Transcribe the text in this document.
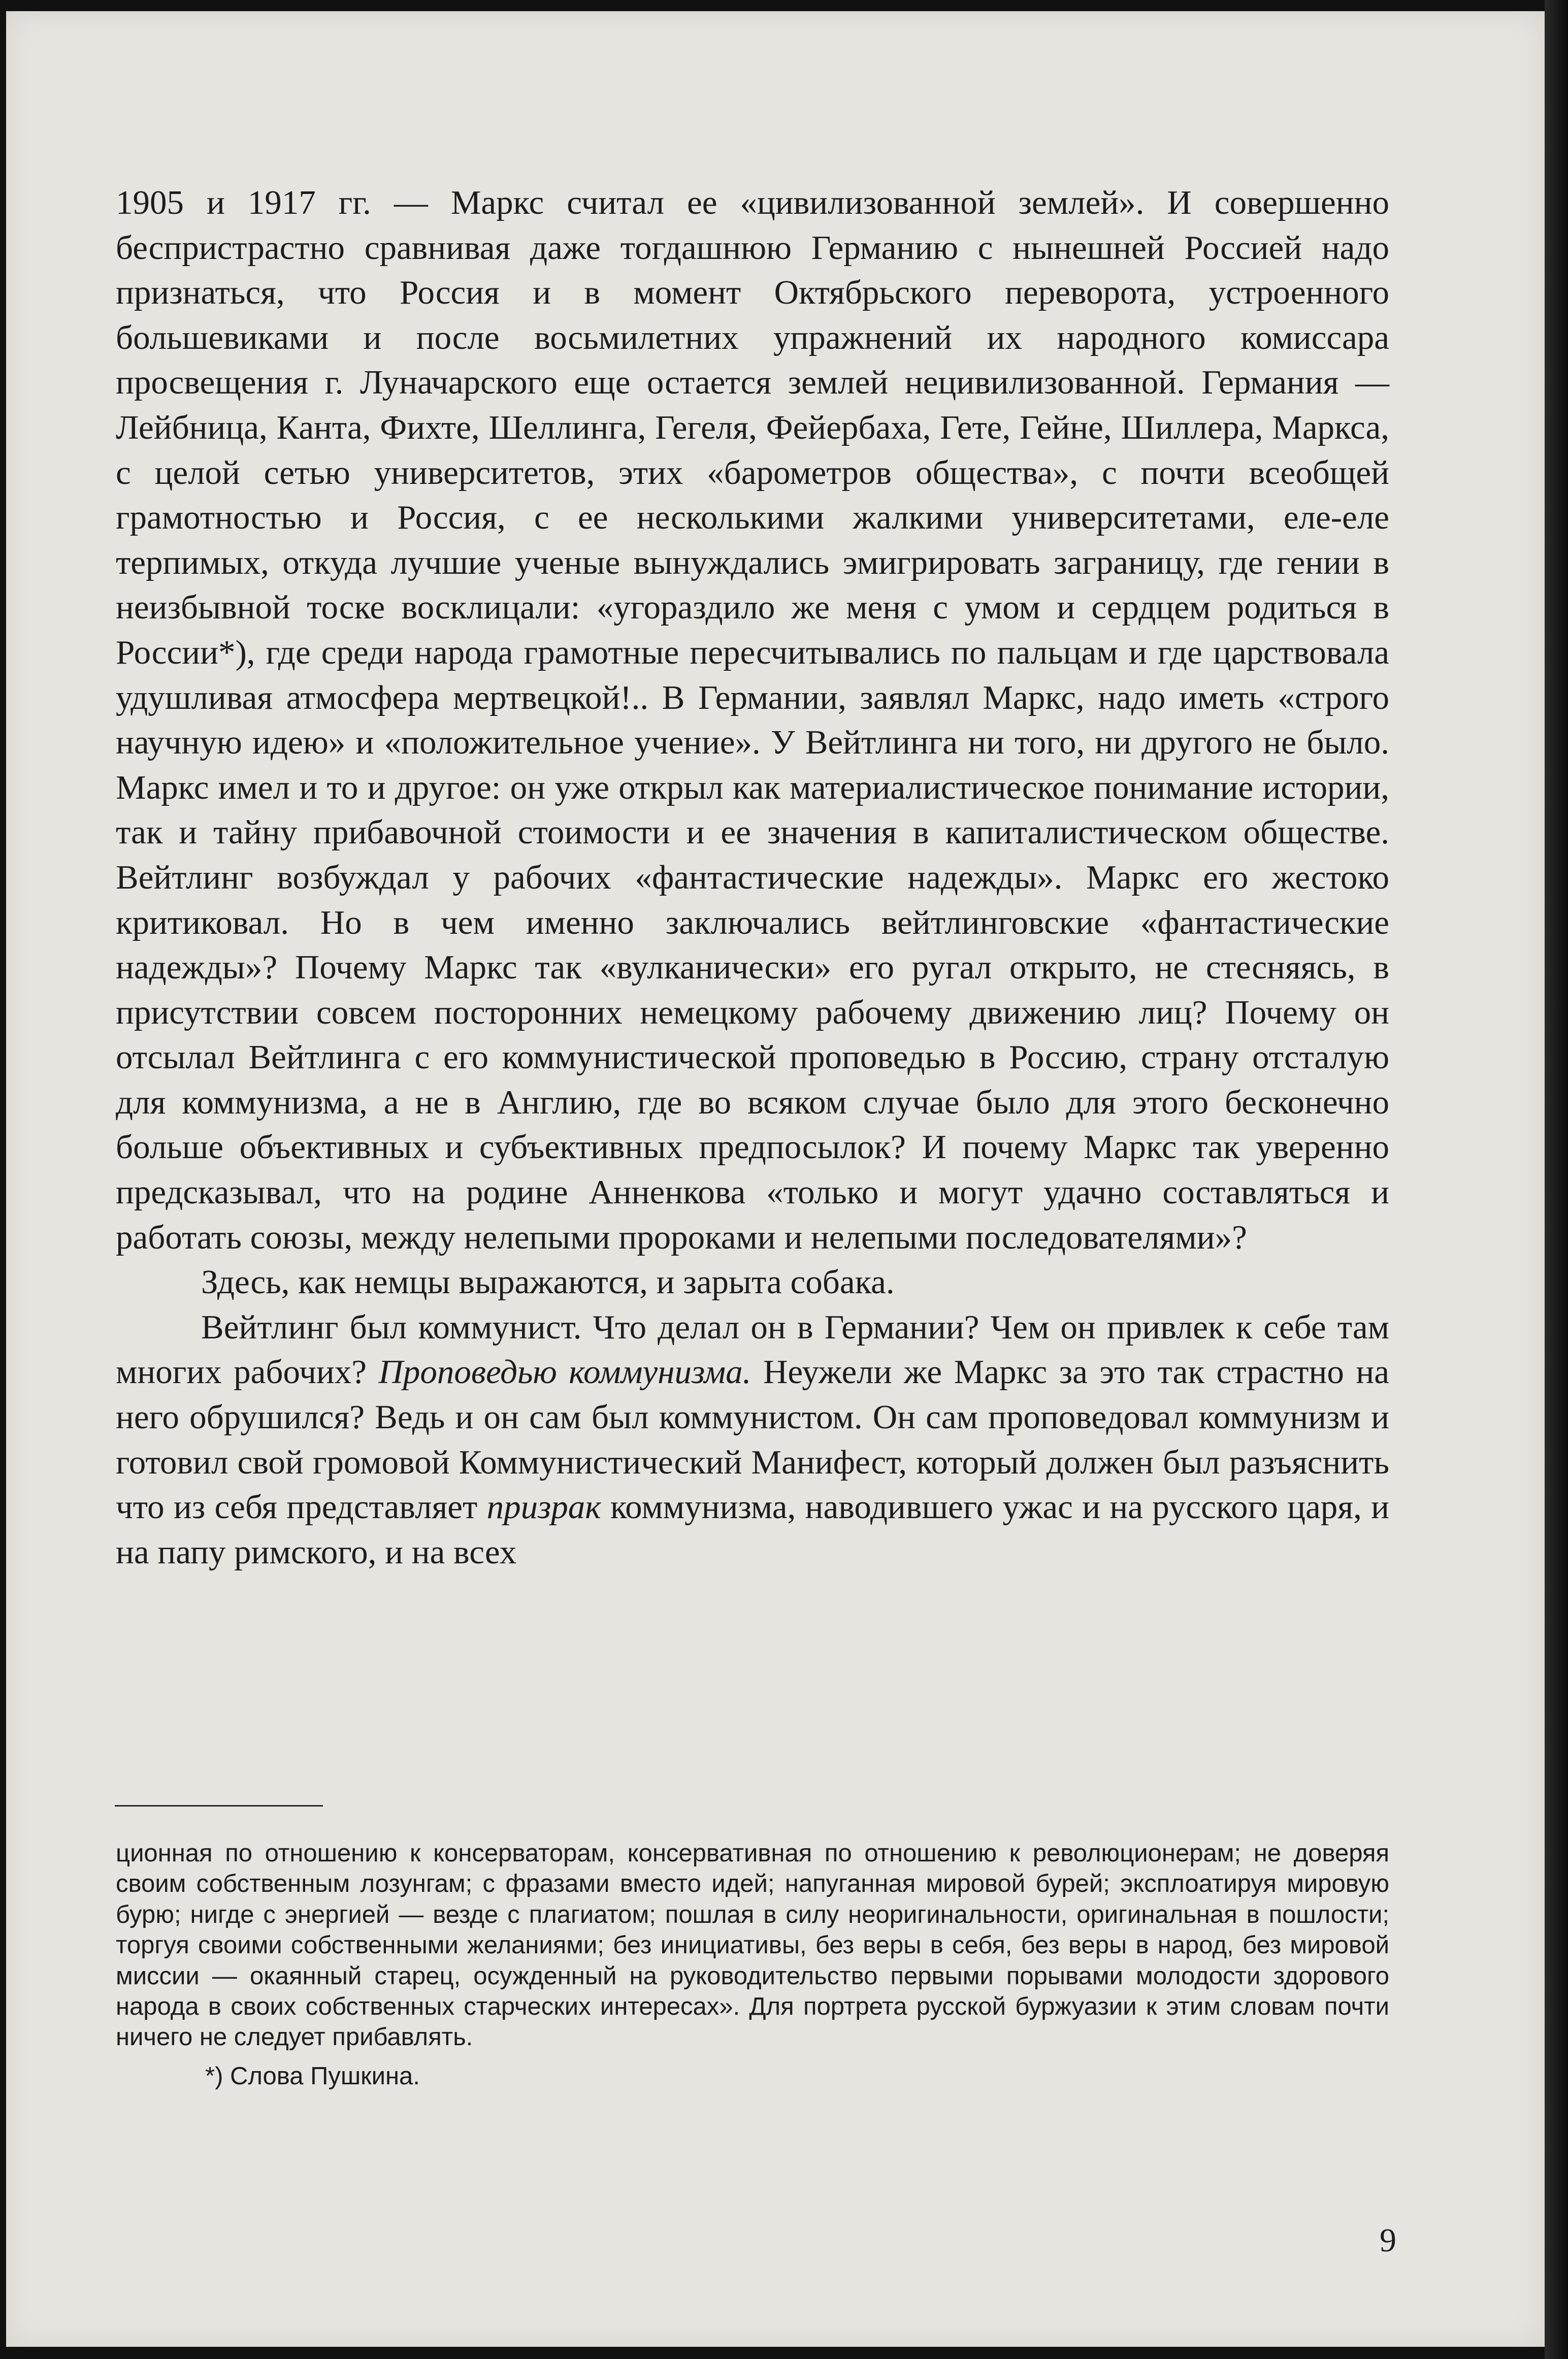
1905 и 1917 гг. — Маркс считал ее «цивилизованной землей». И совершенно беспристрастно сравнивая даже тогдашнюю Германию с нынешней Россией надо признаться, что Россия и в момент Октябрьского переворота, устроенного большевиками и после восьмилетних упражнений их народного комиссара просвещения г. Луначарского еще остается землей нецивилизованной. Германия — Лейбница, Канта, Фихте, Шеллинга, Гегеля, Фейербаха, Гете, Гейне, Шиллера, Маркса, с целой сетью университетов, этих «барометров общества», с почти всеобщей грамотностью и Россия, с ее несколькими жалкими университетами, еле-еле терпимых, откуда лучшие ученые вынуждались эмигрировать заграницу, где гении в неизбывной тоске восклицали: «угораздило же меня с умом и сердцем родиться в России*), где среди народа грамотные пересчитывались по пальцам и где царствовала удушливая атмосфера мертвецкой!.. В Германии, заявлял Маркс, надо иметь «строго научную идею» и «положительное учение». У Вейтлинга ни того, ни другого не было. Маркс имел и то и другое: он уже открыл как материалистическое понимание истории, так и тайну прибавочной стоимости и ее значения в капиталистическом обществе. Вейтлинг возбуждал у рабочих «фантастические надежды». Маркс его жестоко критиковал. Но в чем именно заключались вейтлинговские «фантастические надежды»? Почему Маркс так «вулканически» его ругал открыто, не стесняясь, в присутствии совсем посторонних немецкому рабочему движению лиц? Почему он отсылал Вейтлинга с его коммунистической проповедью в Россию, страну отсталую для коммунизма, а не в Англию, где во всяком случае было для этого бесконечно больше объективных и субъективных предпосылок? И почему Маркс так уверенно предсказывал, что на родине Анненкова «только и могут удачно составляться и работать союзы, между нелепыми пророками и нелепыми последователями»?

Здесь, как немцы выражаются, и зарыта собака.

Вейтлинг был коммунист. Что делал он в Германии? Чем он привлек к себе там многих рабочих? Проповедью коммунизма. Неужели же Маркс за это так страстно на него обрушился? Ведь и он сам был коммунистом. Он сам проповедовал коммунизм и готовил свой громовой Коммунистический Манифест, который должен был разъяснить что из себя представляет призрак коммунизма, наводившего ужас и на русского царя, и на папу римского, и на всех

ционная по отношению к консерваторам, консервативная по отношению к революционерам; не доверяя своим собственным лозунгам; с фразами вместо идей; напуганная мировой бурей; эксплоатируя мировую бурю; нигде с энергией — везде с плагиатом; пошлая в силу неоригинальности, оригинальная в пошлости; торгуя своими собственными желаниями; без инициативы, без веры в себя, без веры в народ, без мировой миссии — окаянный старец, осужденный на руководительство первыми порывами молодости здорового народа в своих собственных старческих интересах». Для портрета русской буржуазии к этим словам почти ничего не следует прибавлять.

*) Слова Пушкина.

9
